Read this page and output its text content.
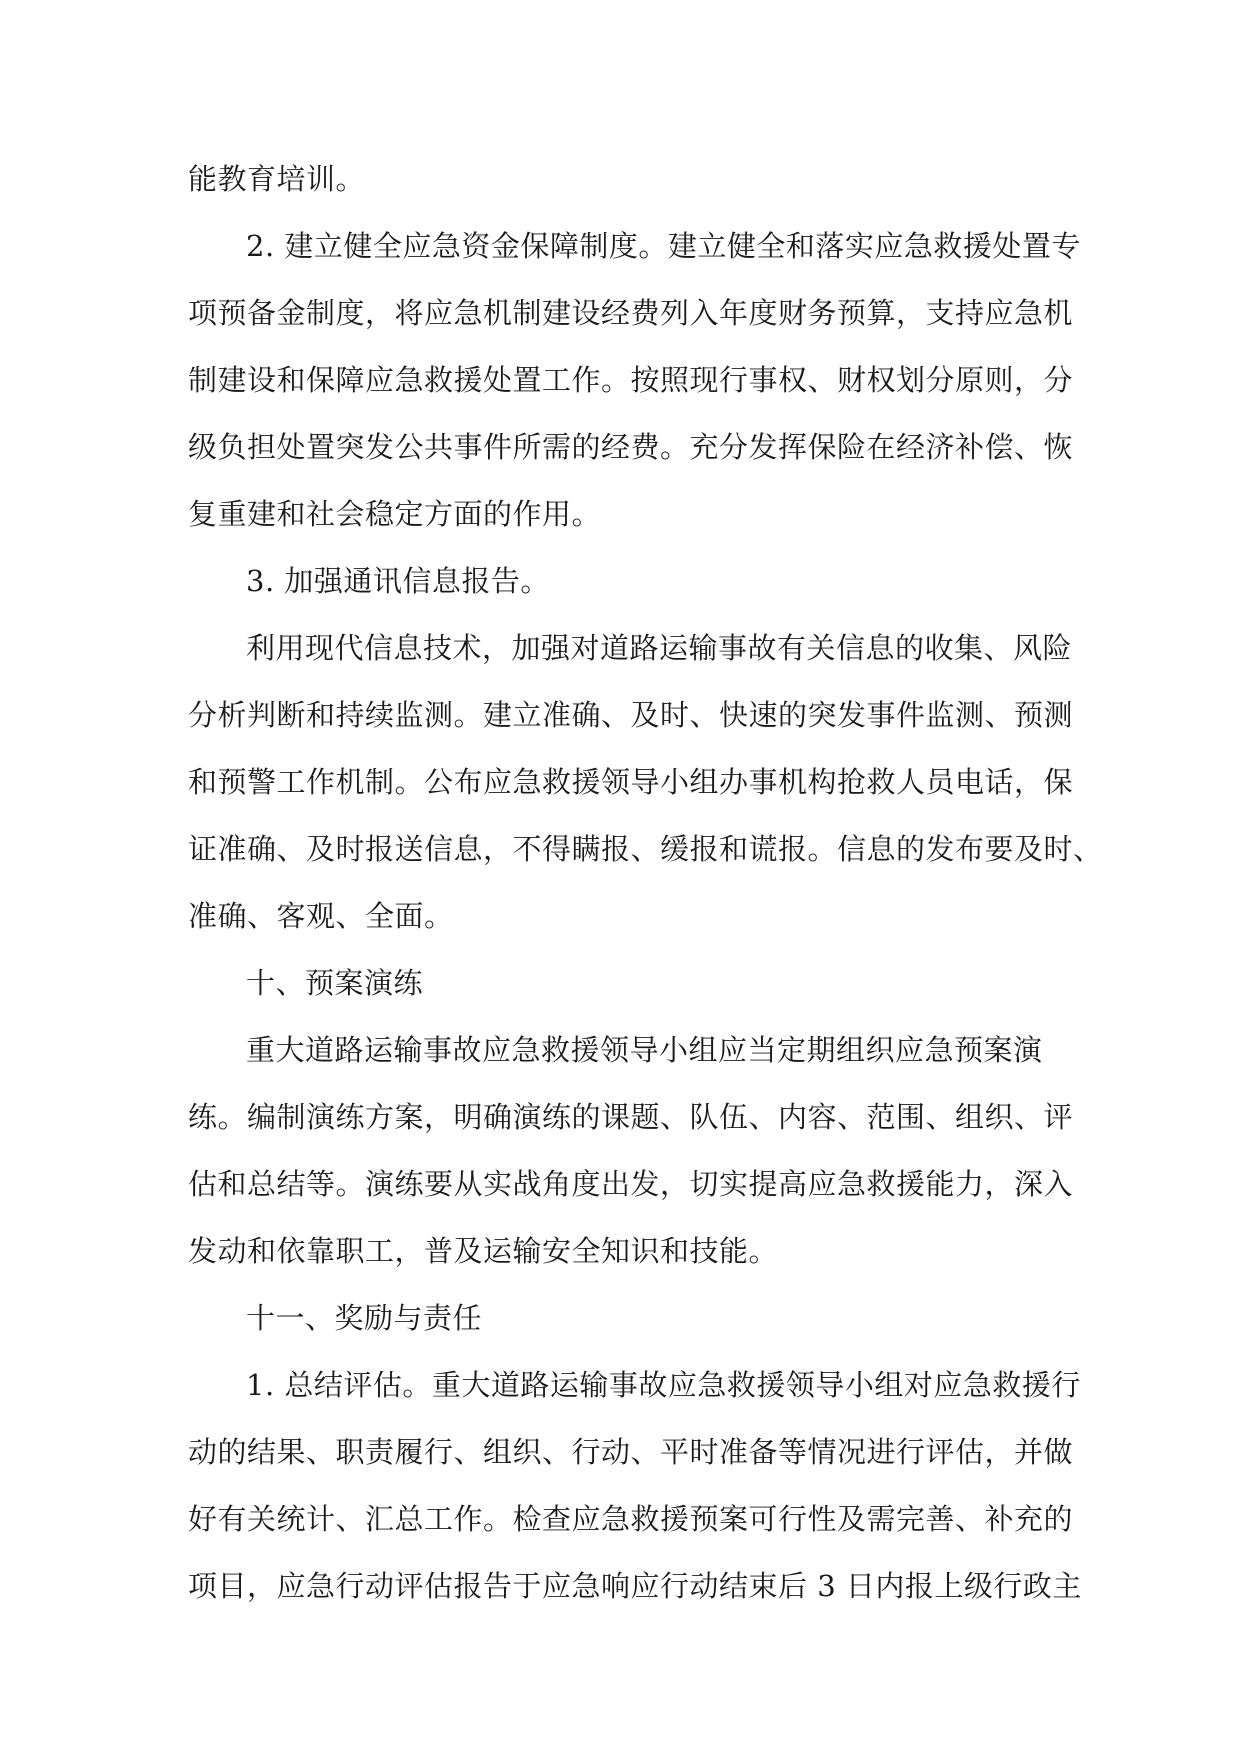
能教育培训。
2. 建立健全应急资金保障制度。建立健全和落实应急救援处置专
项预备金制度，将应急机制建设经费列入年度财务预算，支持应急机
制建设和保障应急救援处置工作。按照现行事权、财权划分原则，分
级负担处置突发公共事件所需的经费。充分发挥保险在经济补偿、恢
复重建和社会稳定方面的作用。
3. 加强通讯信息报告。
利用现代信息技术，加强对道路运输事故有关信息的收集、风险
分析判断和持续监测。建立准确、及时、快速的突发事件监测、预测
和预警工作机制。公布应急救援领导小组办事机构抢救人员电话，保
证准确、及时报送信息，不得瞒报、缓报和谎报。信息的发布要及时、
准确、客观、全面。
十、预案演练
重大道路运输事故应急救援领导小组应当定期组织应急预案演
练。编制演练方案，明确演练的课题、队伍、内容、范围、组织、评
估和总结等。演练要从实战角度出发，切实提高应急救援能力，深入
发动和依靠职工，普及运输安全知识和技能。
十一、奖励与责任
1. 总结评估。重大道路运输事故应急救援领导小组对应急救援行
动的结果、职责履行、组织、行动、平时准备等情况进行评估，并做
好有关统计、汇总工作。检查应急救援预案可行性及需完善、补充的
项目，应急行动评估报告于应急响应行动结束后 3 日内报上级行政主
